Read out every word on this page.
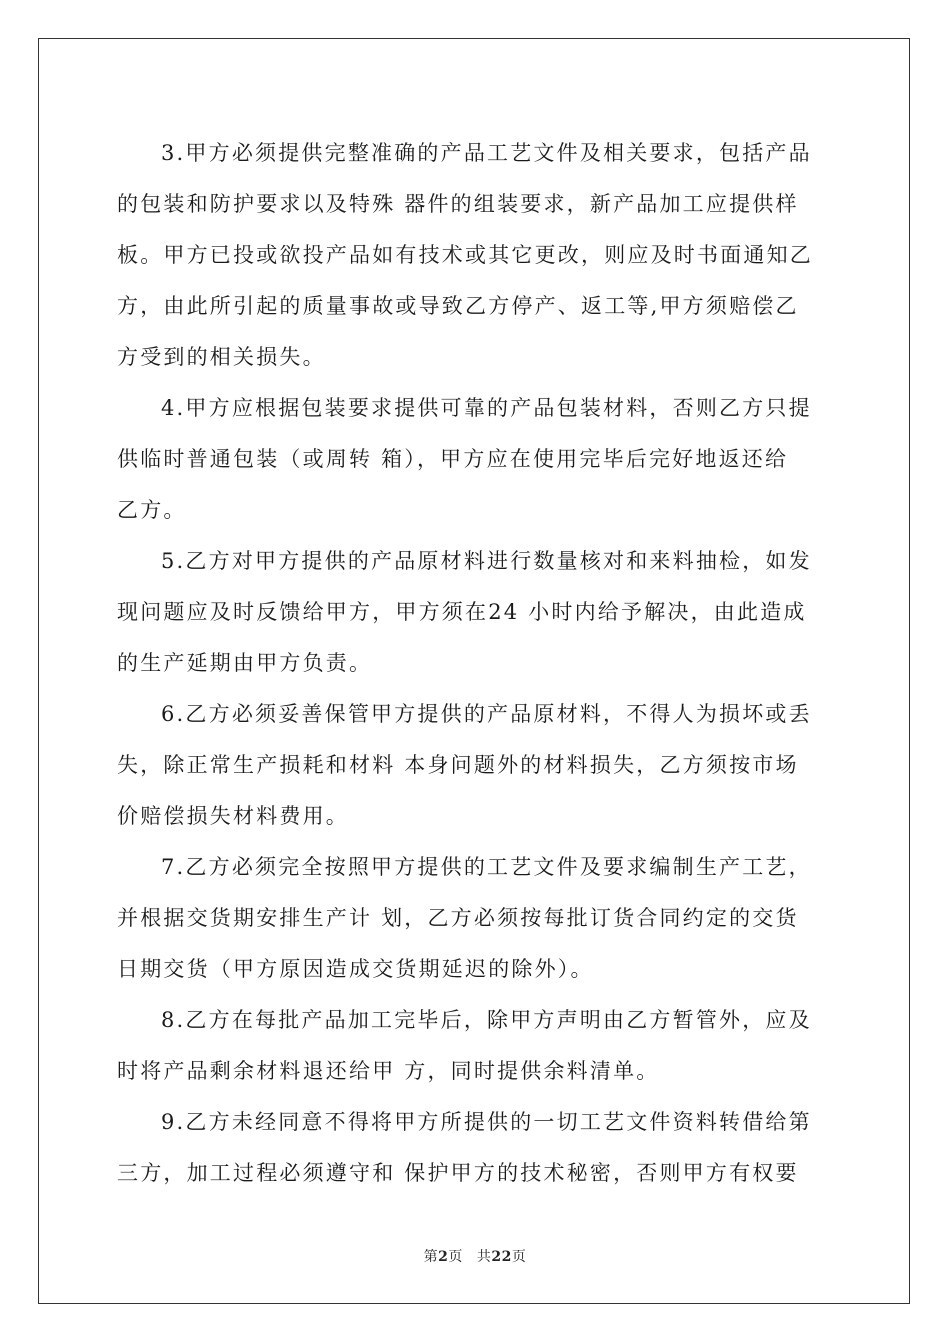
3.甲方必须提供完整准确的产品工艺文件及相关要求，包括产品
的包装和防护要求以及特殊 器件的组装要求，新产品加工应提供样
板。甲方已投或欲投产品如有技术或其它更改，则应及时书面通知乙
方，由此所引起的质量事故或导致乙方停产、返工等,甲方须赔偿乙
方受到的相关损失。
4.甲方应根据包装要求提供可靠的产品包装材料，否则乙方只提
供临时普通包装（或周转 箱），甲方应在使用完毕后完好地返还给
乙方。
5.乙方对甲方提供的产品原材料进行数量核对和来料抽检，如发
现问题应及时反馈给甲方，甲方须在24 小时内给予解决，由此造成
的生产延期由甲方负责。
6.乙方必须妥善保管甲方提供的产品原材料，不得人为损坏或丢
失，除正常生产损耗和材料 本身问题外的材料损失，乙方须按市场
价赔偿损失材料费用。
7.乙方必须完全按照甲方提供的工艺文件及要求编制生产工艺，
并根据交货期安排生产计 划，乙方必须按每批订货合同约定的交货
日期交货（甲方原因造成交货期延迟的除外）。
8.乙方在每批产品加工完毕后，除甲方声明由乙方暂管外，应及
时将产品剩余材料退还给甲 方，同时提供余料清单。
9.乙方未经同意不得将甲方所提供的一切工艺文件资料转借给第
三方，加工过程必须遵守和 保护甲方的技术秘密，否则甲方有权要
第2页 共22页
